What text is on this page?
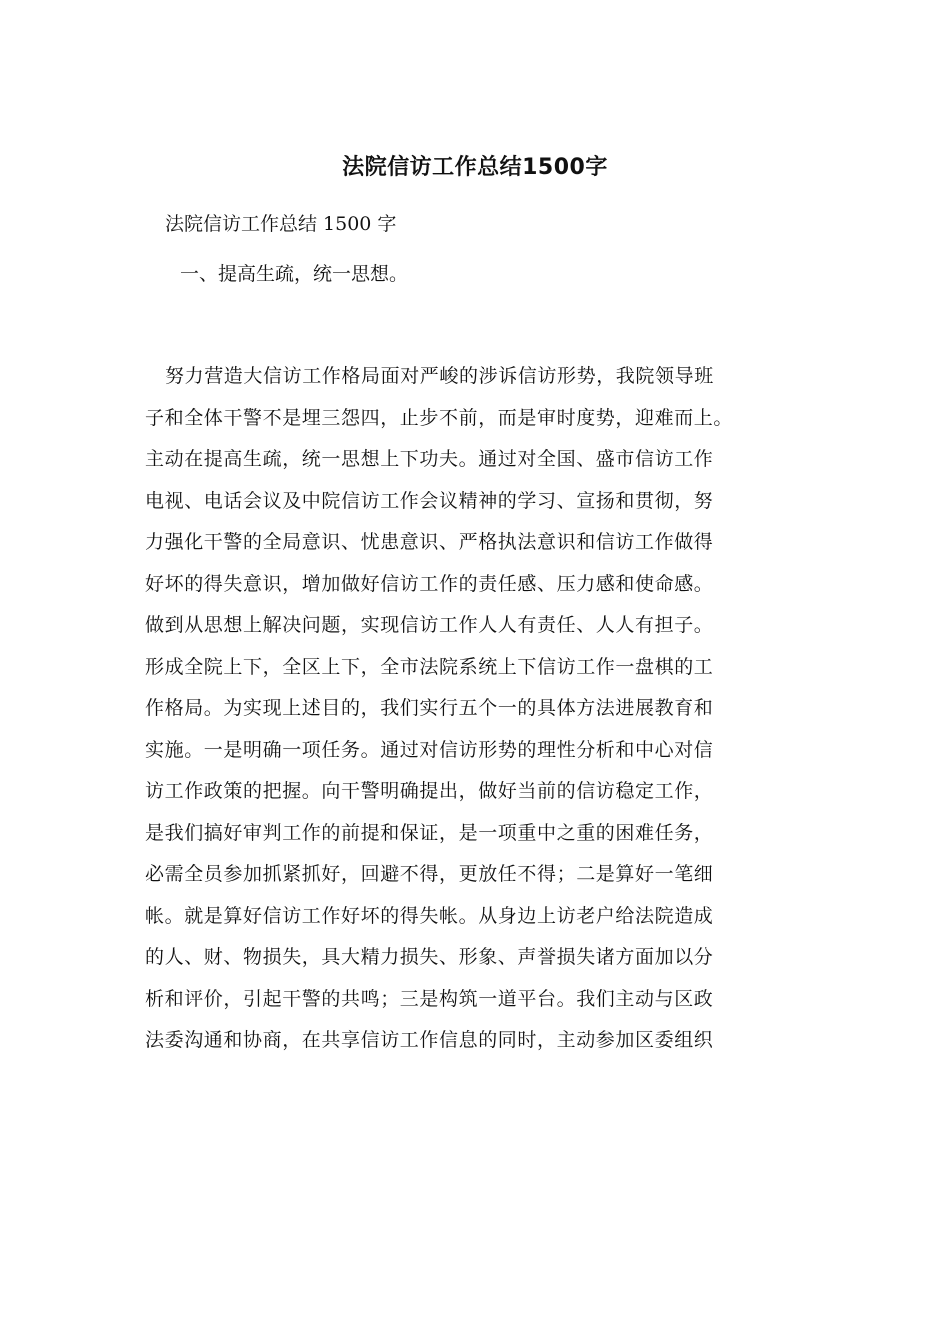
法院信访工作总结1500字

法院信访工作总结 1500 字

一、提高生疏，统一思想。

努力营造大信访工作格局面对严峻的涉诉信访形势，我院领导班
子和全体干警不是埋三怨四，止步不前，而是审时度势，迎难而上。
主动在提高生疏，统一思想上下功夫。通过对全国、盛市信访工作
电视、电话会议及中院信访工作会议精神的学习、宣扬和贯彻，努
力强化干警的全局意识、忧患意识、严格执法意识和信访工作做得
好坏的得失意识，增加做好信访工作的责任感、压力感和使命感。
做到从思想上解决问题，实现信访工作人人有责任、人人有担子。
形成全院上下，全区上下，全市法院系统上下信访工作一盘棋的工
作格局。为实现上述目的，我们实行五个一的具体方法进展教育和
实施。一是明确一项任务。通过对信访形势的理性分析和中心对信
访工作政策的把握。向干警明确提出，做好当前的信访稳定工作，
是我们搞好审判工作的前提和保证，是一项重中之重的困难任务，
必需全员参加抓紧抓好，回避不得，更放任不得；二是算好一笔细
帐。就是算好信访工作好坏的得失帐。从身边上访老户给法院造成
的人、财、物损失，具大精力损失、形象、声誉损失诸方面加以分
析和评价，引起干警的共鸣；三是构筑一道平台。我们主动与区政
法委沟通和协商，在共享信访工作信息的同时，主动参加区委组织
